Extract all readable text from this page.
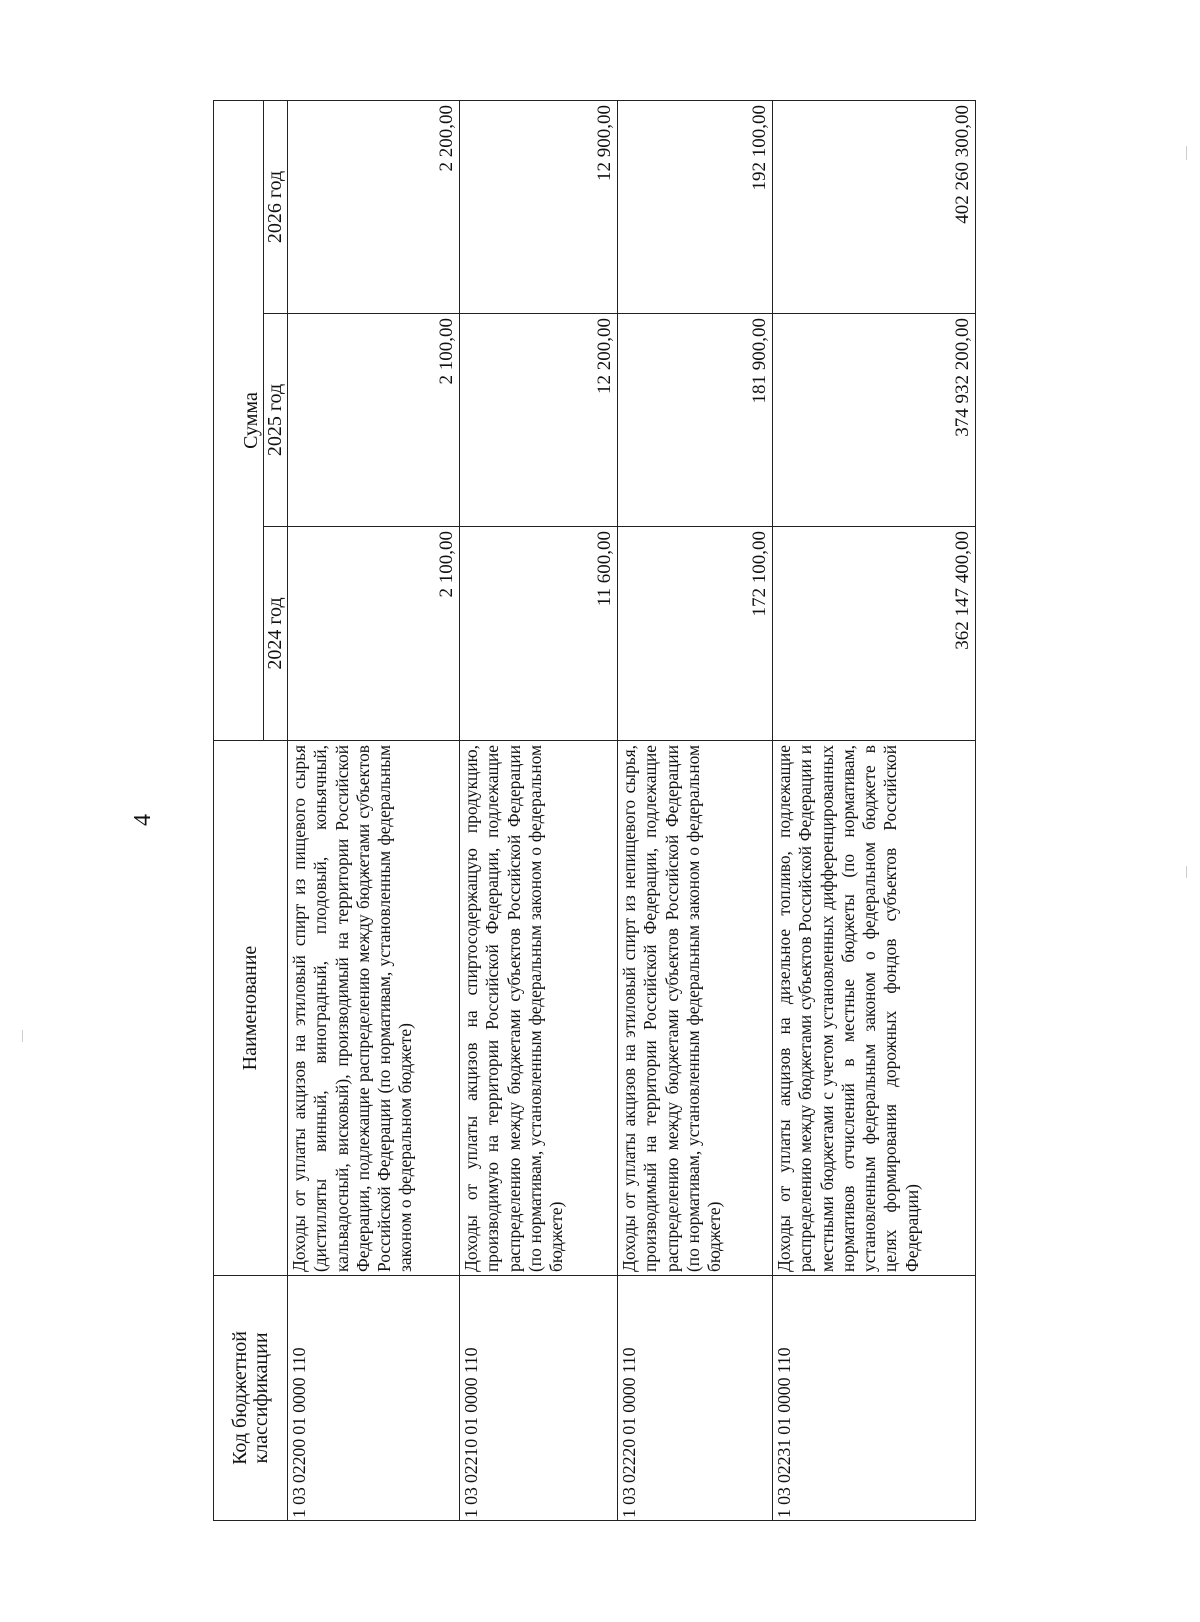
4
Код бюджетной классификации	Наименование	Сумма		
		2024 год	2025 год	2026 год
1 03 02200 01 0000 110	Доходы от уплаты акцизов на этиловый спирт из пищевого сырья (дистилляты винный, виноградный, плодовый, коньячный, кальвадосный, висковый), производимый на территории Российской Федерации, подлежащие распределению между бюджетами субъектов Российской Федерации (по нормативам, установленным федеральным законом о федеральном бюджете)	2 100,00	2 100,00	2 200,00
1 03 02210 01 0000 110	Доходы от уплаты акцизов на спиртосодержащую продукцию, производимую на территории Российской Федерации, подлежащие распределению между бюджетами субъектов Российской Федерации (по нормативам, установленным федеральным законом о федеральном бюджете)	11 600,00	12 200,00	12 900,00
1 03 02220 01 0000 110	Доходы от уплаты акцизов на этиловый спирт из непищевого сырья, производимый на территории Российской Федерации, подлежащие распределению между бюджетами субъектов Российской Федерации (по нормативам, установленным федеральным законом о федеральном бюджете)	172 100,00	181 900,00	192 100,00
1 03 02231 01 0000 110	Доходы от уплаты акцизов на дизельное топливо, подлежащие распределению между бюджетами субъектов Российской Федерации и местными бюджетами с учетом установленных дифференцированных нормативов отчислений в местные бюджеты (по нормативам, установленным федеральным законом о федеральном бюджете в целях формирования дорожных фондов субъектов Российской Федерации)	362 147 400,00	374 932 200,00	402 260 300,00
